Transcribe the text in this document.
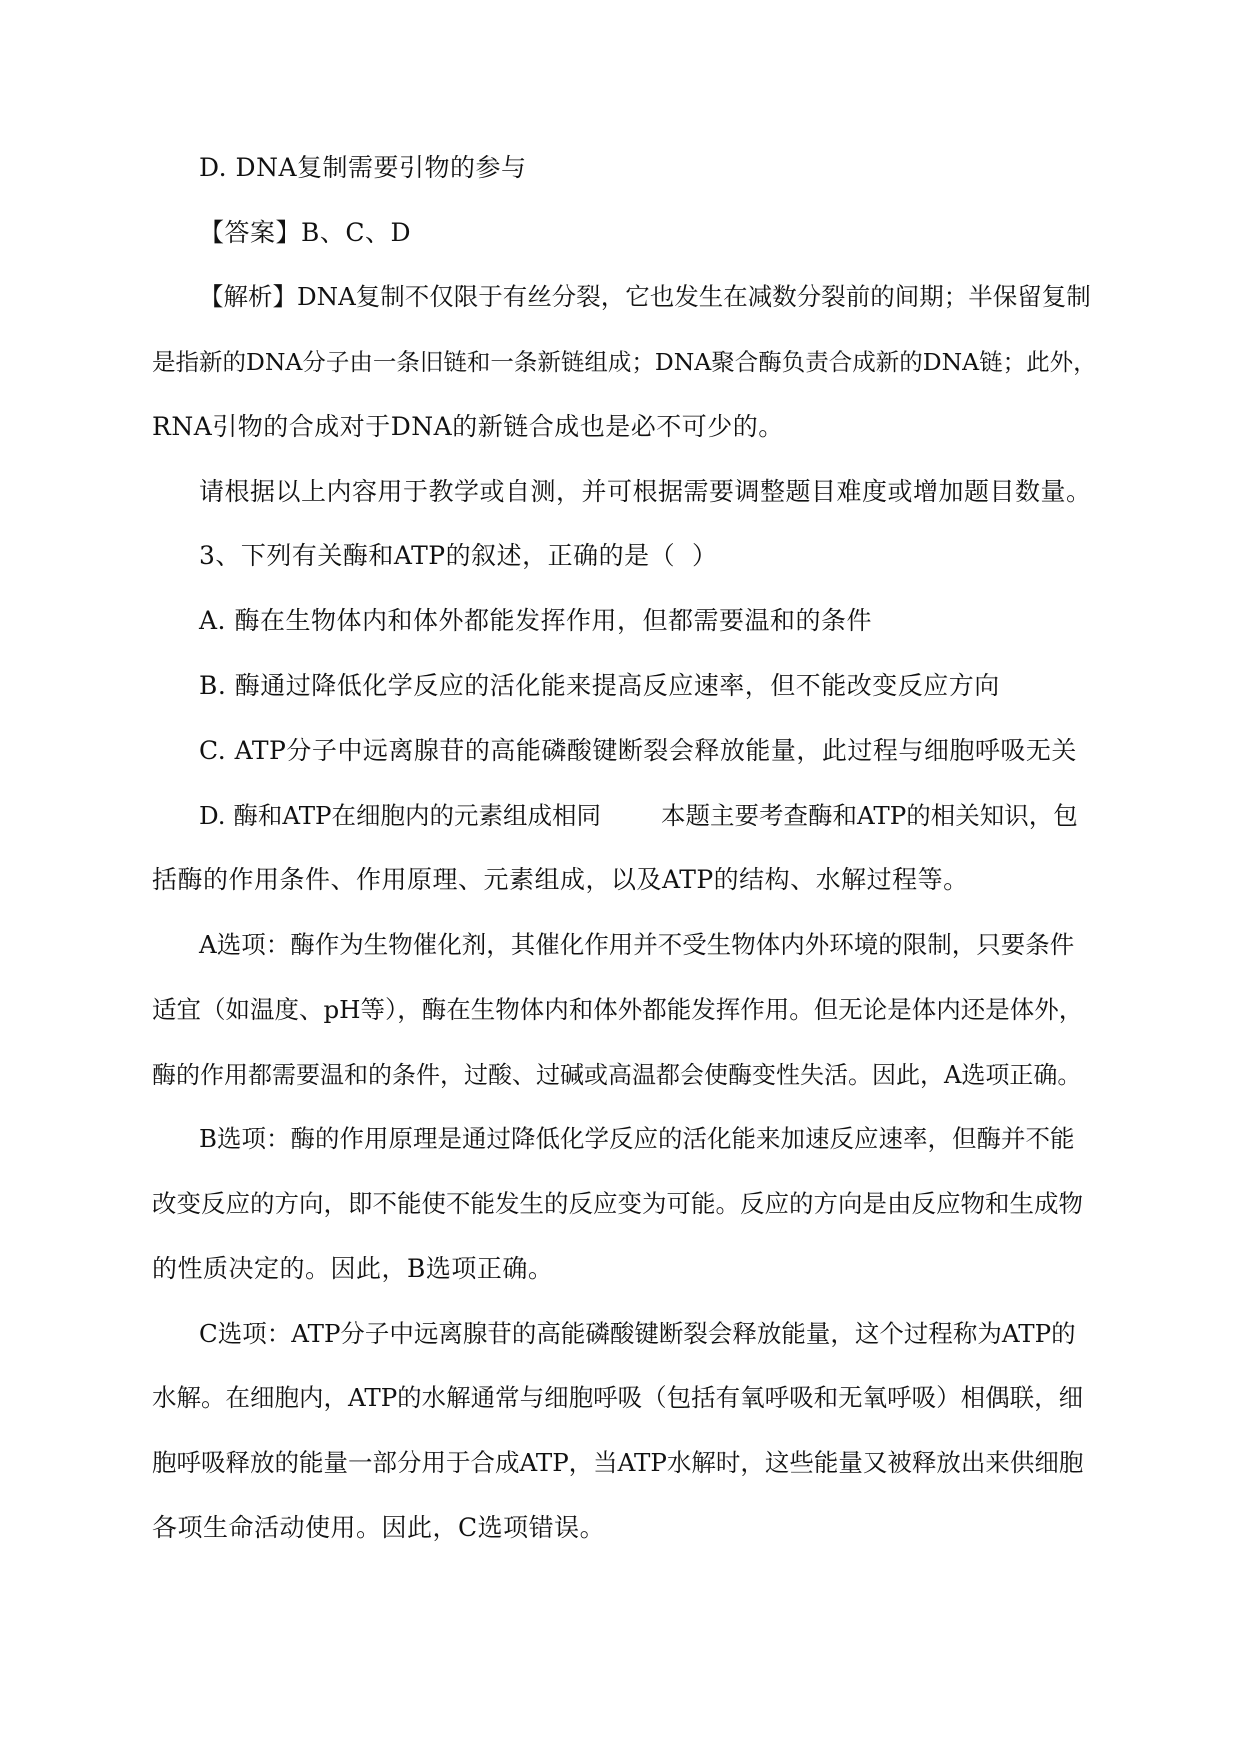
D. DNA复制需要引物的参与
【答案】B、C、D
【解析】DNA复制不仅限于有丝分裂，它也发生在减数分裂前的间期；半保留复制
是指新的DNA分子由一条旧链和一条新链组成；DNA聚合酶负责合成新的DNA链；此外，
RNA引物的合成对于DNA的新链合成也是必不可少的。
请根据以上内容用于教学或自测，并可根据需要调整题目难度或增加题目数量。
3、下列有关酶和ATP的叙述，正确的是（  ）
A. 酶在生物体内和体外都能发挥作用，但都需要温和的条件
B. 酶通过降低化学反应的活化能来提高反应速率，但不能改变反应方向
C. ATP分子中远离腺苷的高能磷酸键断裂会释放能量，此过程与细胞呼吸无关
D. 酶和ATP在细胞内的元素组成相同 本题主要考查酶和ATP的相关知识，包
括酶的作用条件、作用原理、元素组成，以及ATP的结构、水解过程等。
A选项：酶作为生物催化剂，其催化作用并不受生物体内外环境的限制，只要条件
适宜（如温度、pH等），酶在生物体内和体外都能发挥作用。但无论是体内还是体外，
酶的作用都需要温和的条件，过酸、过碱或高温都会使酶变性失活。因此，A选项正确。
B选项：酶的作用原理是通过降低化学反应的活化能来加速反应速率，但酶并不能
改变反应的方向，即不能使不能发生的反应变为可能。反应的方向是由反应物和生成物
的性质决定的。因此，B选项正确。
C选项：ATP分子中远离腺苷的高能磷酸键断裂会释放能量，这个过程称为ATP的
水解。在细胞内，ATP的水解通常与细胞呼吸（包括有氧呼吸和无氧呼吸）相偶联，细
胞呼吸释放的能量一部分用于合成ATP，当ATP水解时，这些能量又被释放出来供细胞
各项生命活动使用。因此，C选项错误。
